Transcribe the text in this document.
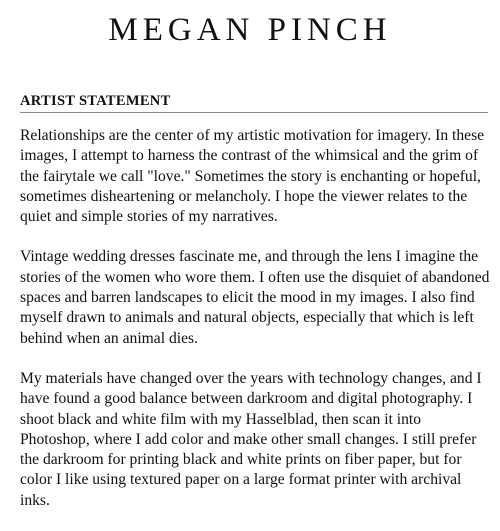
MEGAN PINCH
ARTIST STATEMENT

Relationships are the center of my artistic motivation for imagery. In these images, I attempt to harness the contrast of the whimsical and the grim of the fairytale we call "love." Sometimes the story is enchanting or hopeful, sometimes disheartening or melancholy. I hope the viewer relates to the quiet and simple stories of my narratives.

Vintage wedding dresses fascinate me, and through the lens I imagine the stories of the women who wore them. I often use the disquiet of abandoned spaces and barren landscapes to elicit the mood in my images. I also find myself drawn to animals and natural objects, especially that which is left behind when an animal dies.

My materials have changed over the years with technology changes, and I have found a good balance between darkroom and digital photography. I shoot black and white film with my Hasselblad, then scan it into Photoshop, where I add color and make other small changes. I still prefer the darkroom for printing black and white prints on fiber paper, but for color I like using textured paper on a large format printer with archival inks.
